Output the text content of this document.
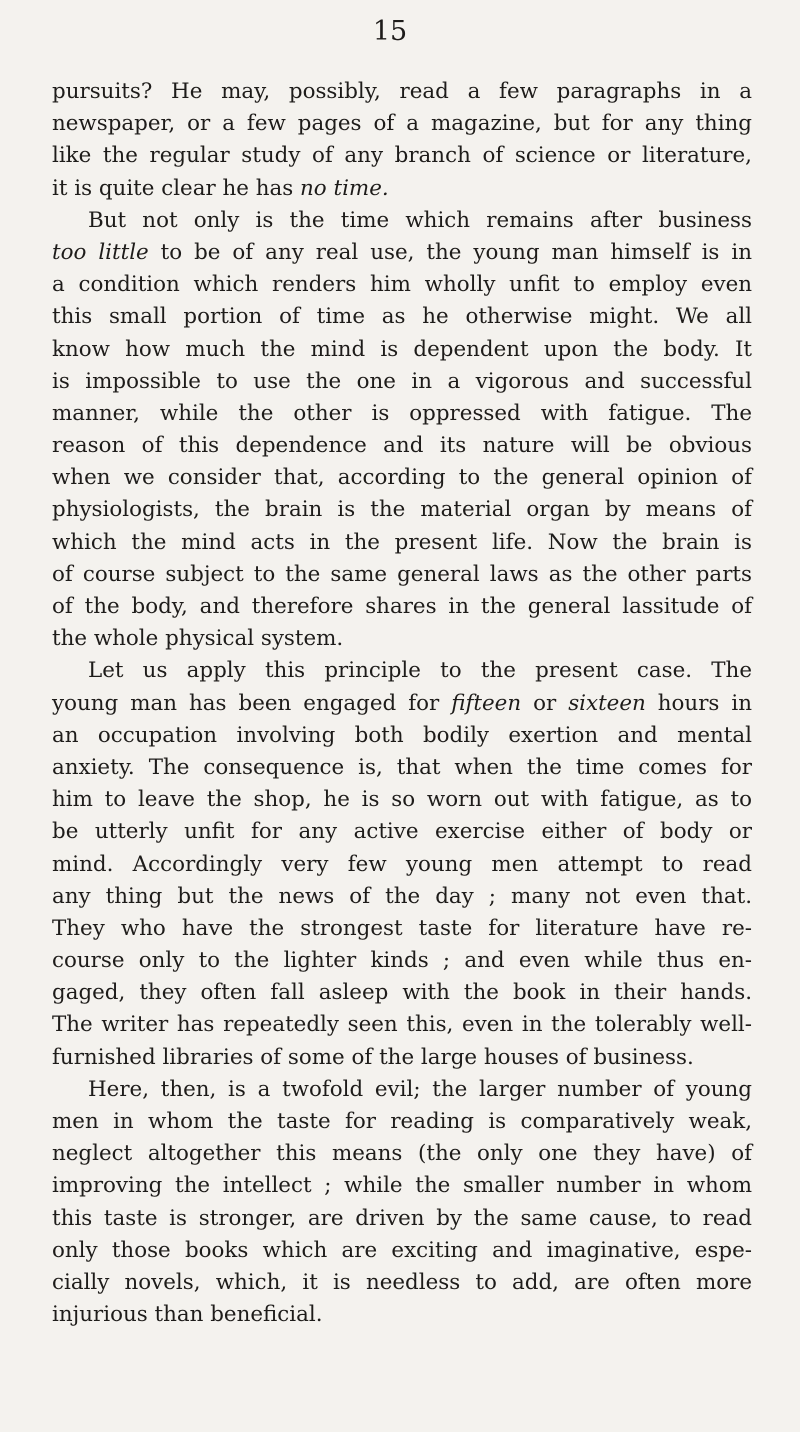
15
pursuits? He may, possibly, read a few paragraphs in a
newspaper, or a few pages of a magazine, but for any thing
like the regular study of any branch of science or literature,
it is quite clear he has no time.
But not only is the time which remains after business
too little to be of any real use, the young man himself is in
a condition which renders him wholly unfit to employ even
this small portion of time as he otherwise might. We all
know how much the mind is dependent upon the body. It
is impossible to use the one in a vigorous and successful
manner, while the other is oppressed with fatigue. The
reason of this dependence and its nature will be obvious
when we consider that, according to the general opinion of
physiologists, the brain is the material organ by means of
which the mind acts in the present life. Now the brain is
of course subject to the same general laws as the other parts
of the body, and therefore shares in the general lassitude of
the whole physical system.
Let us apply this principle to the present case. The
young man has been engaged for fifteen or sixteen hours in
an occupation involving both bodily exertion and mental
anxiety. The consequence is, that when the time comes for
him to leave the shop, he is so worn out with fatigue, as to
be utterly unfit for any active exercise either of body or
mind. Accordingly very few young men attempt to read
any thing but the news of the day ; many not even that.
They who have the strongest taste for literature have re-
course only to the lighter kinds ; and even while thus en-
gaged, they often fall asleep with the book in their hands.
The writer has repeatedly seen this, even in the tolerably well-
furnished libraries of some of the large houses of business.
Here, then, is a twofold evil; the larger number of young
men in whom the taste for reading is comparatively weak,
neglect altogether this means (the only one they have) of
improving the intellect ; while the smaller number in whom
this taste is stronger, are driven by the same cause, to read
only those books which are exciting and imaginative, espe-
cially novels, which, it is needless to add, are often more
injurious than beneficial.
